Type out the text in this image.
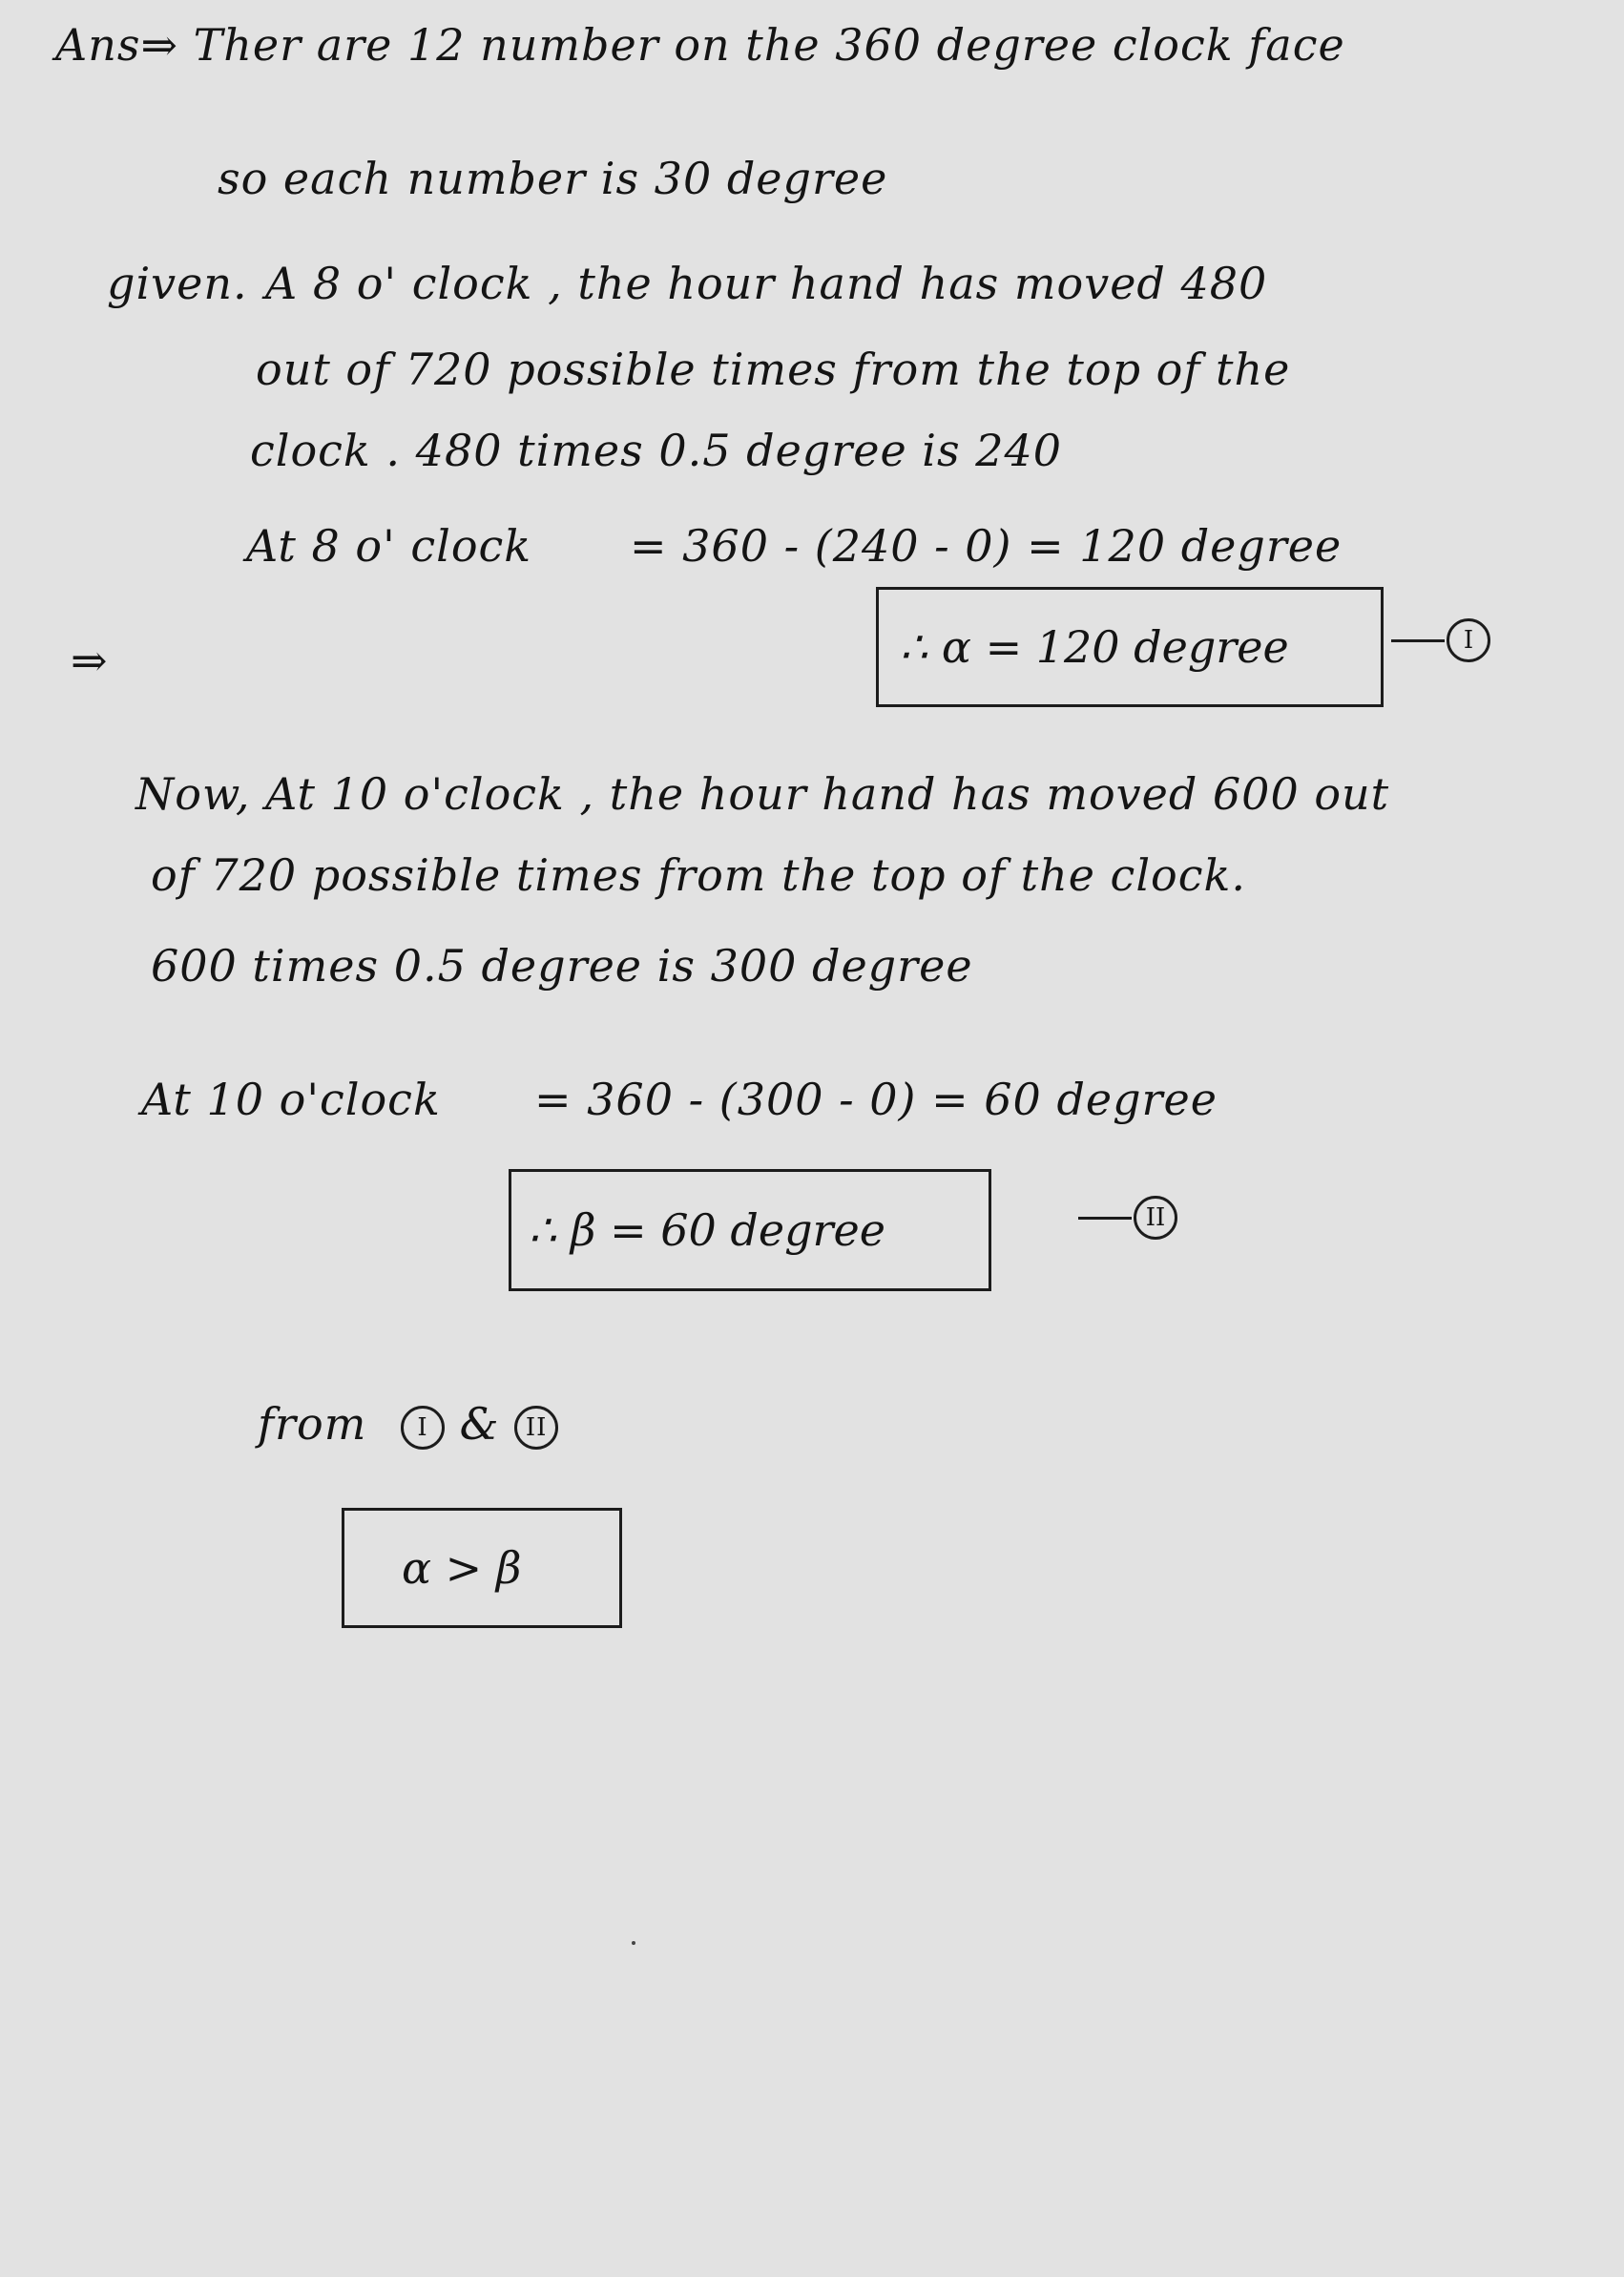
Ans⇒ Ther are 12 number on the 360 degree clock face
so each number is 30 degree
given. A 8 o' clock , the hour hand has moved 480
out of 720 possible times from the top of the
clock . 480 times 0.5 degree is 240
At 8 o' clock = 360 - (240 - 0) = 120 degree
⇒	∴ α = 120 degree	I
Now, At 10 o'clock , the hour hand has moved 600 out
of 720 possible times from the top of the clock.
600 times 0.5 degree is 300 degree
At 10 o'clock = 360 - (300 - 0) = 60 degree
∴ β = 60 degree	II
from I & II
α > β
